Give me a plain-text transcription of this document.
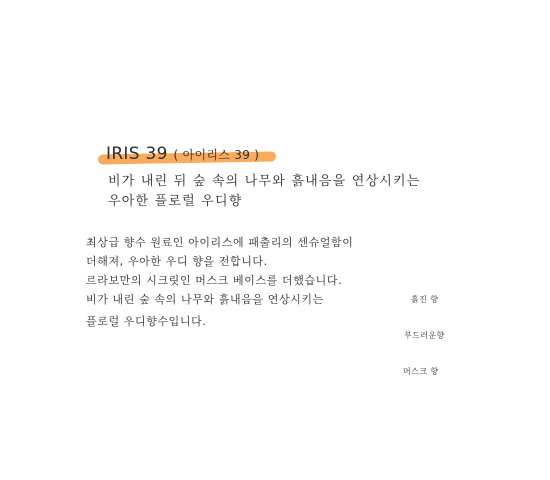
IRIS 39 ( 아이리스 39 )
비가 내린 뒤 숲 속의 나무와 흙내음을 연상시키는
우아한 플로럴 우디향
최상급 향수 원료인 아이리스에 패출리의 센슈얼함이
더해져, 우아한 우디 향을 전합니다.
르라보만의 시크릿인 머스크 베이스를 더했습니다.
비가 내린 숲 속의 나무와 흙내음을 연상시키는
플로럴 우디향수입니다.
흙진 향
부드러운향
머스크 향
